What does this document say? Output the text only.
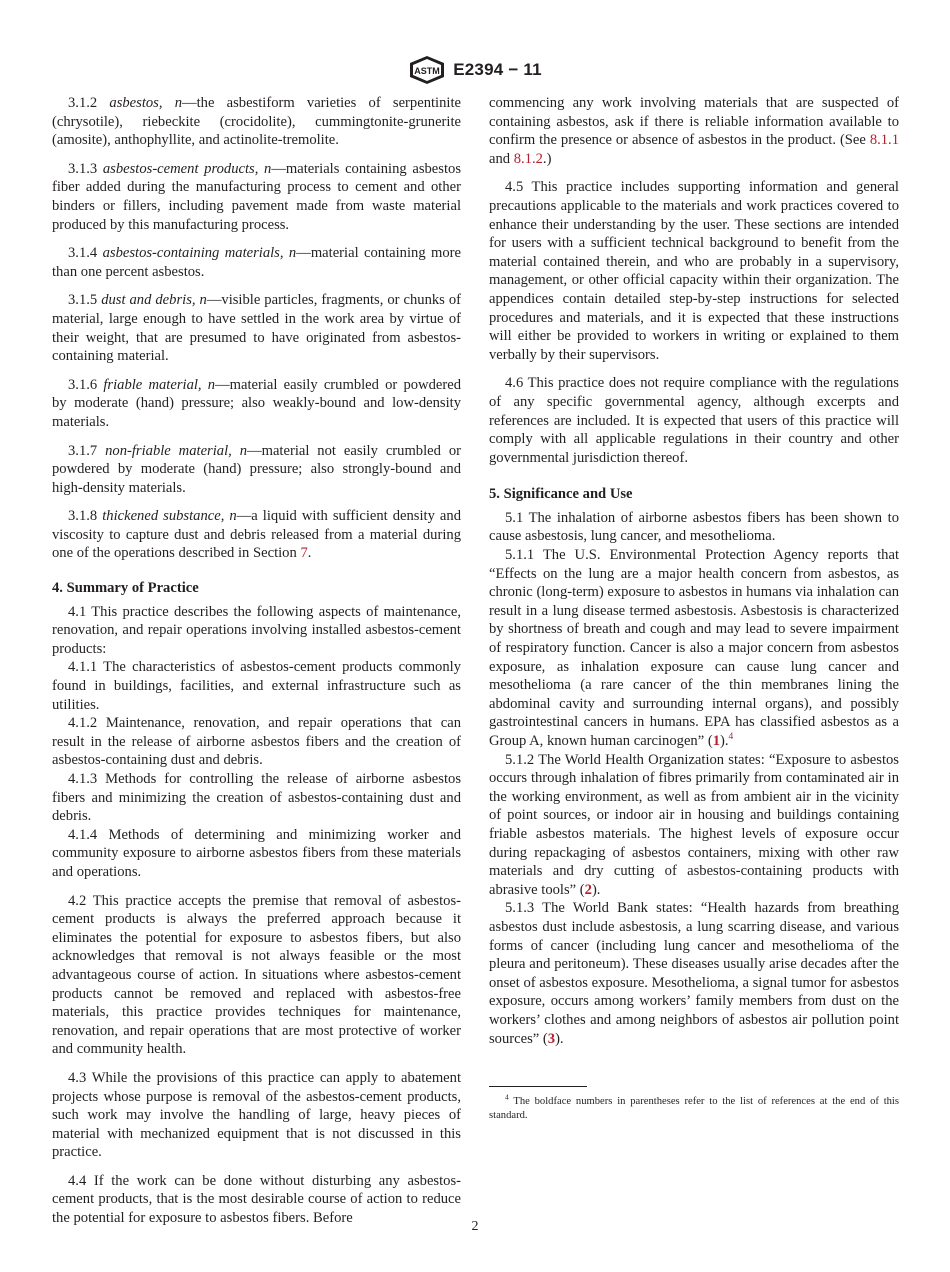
ASTM E2394 − 11

3.1.2 asbestos, n—the asbestiform varieties of serpentinite (chrysotile), riebeckite (crocidolite), cummingtonite-grunerite (amosite), anthophyllite, and actinolite-tremolite.

3.1.3 asbestos-cement products, n—materials containing asbestos fiber added during the manufacturing process to cement and other binders or fillers, including pavement made from waste material produced by this manufacturing process.

3.1.4 asbestos-containing materials, n—material containing more than one percent asbestos.

3.1.5 dust and debris, n—visible particles, fragments, or chunks of material, large enough to have settled in the work area by virtue of their weight, that are presumed to have originated from asbestos-containing material.

3.1.6 friable material, n—material easily crumbled or powdered by moderate (hand) pressure; also weakly-bound and low-density materials.

3.1.7 non-friable material, n—material not easily crumbled or powdered by moderate (hand) pressure; also strongly-bound and high-density materials.

3.1.8 thickened substance, n—a liquid with sufficient density and viscosity to capture dust and debris released from a material during one of the operations described in Section 7.

4. Summary of Practice

4.1 This practice describes the following aspects of maintenance, renovation, and repair operations involving installed asbestos-cement products:

4.1.1 The characteristics of asbestos-cement products commonly found in buildings, facilities, and external infrastructure such as utilities.

4.1.2 Maintenance, renovation, and repair operations that can result in the release of airborne asbestos fibers and the creation of asbestos-containing dust and debris.

4.1.3 Methods for controlling the release of airborne asbestos fibers and minimizing the creation of asbestos-containing dust and debris.

4.1.4 Methods of determining and minimizing worker and community exposure to airborne asbestos fibers from these materials and operations.

4.2 This practice accepts the premise that removal of asbestos-cement products is always the preferred approach because it eliminates the potential for exposure to asbestos fibers, but also acknowledges that removal is not always feasible or the most advantageous course of action. In situations where asbestos-cement products cannot be removed and replaced with asbestos-free materials, this practice provides techniques for maintenance, renovation, and repair operations that are most protective of worker and community health.

4.3 While the provisions of this practice can apply to abatement projects whose purpose is removal of the asbestos-cement products, such work may involve the handling of large, heavy pieces of material with mechanized equipment that is not discussed in this practice.

4.4 If the work can be done without disturbing any asbestos-cement products, that is the most desirable course of action to reduce the potential for exposure to asbestos fibers. Before

commencing any work involving materials that are suspected of containing asbestos, ask if there is reliable information available to confirm the presence or absence of asbestos in the product. (See 8.1.1 and 8.1.2.)

4.5 This practice includes supporting information and general precautions applicable to the materials and work practices covered to enhance their understanding by the user. These sections are intended for users with a sufficient technical background to benefit from the material contained therein, and who are probably in a supervisory, management, or other official capacity within their organization. The appendices contain detailed step-by-step instructions for selected procedures and materials, and it is expected that these instructions will either be provided to workers in writing or explained to them verbally by their supervisors.

4.6 This practice does not require compliance with the regulations of any specific governmental agency, although excerpts and references are included. It is expected that users of this practice will comply with all applicable regulations in their country and other governmental jurisdiction thereof.

5. Significance and Use

5.1 The inhalation of airborne asbestos fibers has been shown to cause asbestosis, lung cancer, and mesothelioma.

5.1.1 The U.S. Environmental Protection Agency reports that “Effects on the lung are a major health concern from asbestos, as chronic (long-term) exposure to asbestos in humans via inhalation can result in a lung disease termed asbestosis. Asbestosis is characterized by shortness of breath and cough and may lead to severe impairment of respiratory function. Cancer is also a major concern from asbestos exposure, as inhalation exposure can cause lung cancer and mesothelioma (a rare cancer of the thin membranes lining the abdominal cavity and surrounding internal organs), and possibly gastrointestinal cancers in humans. EPA has classified asbestos as a Group A, known human carcinogen” (1).$^4$

5.1.2 The World Health Organization states: “Exposure to asbestos occurs through inhalation of fibres primarily from contaminated air in the working environment, as well as from ambient air in the vicinity of point sources, or indoor air in housing and buildings containing friable asbestos materials. The highest levels of exposure occur during repackaging of asbestos containers, mixing with other raw materials and dry cutting of asbestos-containing products with abrasive tools” (2).

5.1.3 The World Bank states: “Health hazards from breathing asbestos dust include asbestosis, a lung scarring disease, and various forms of cancer (including lung cancer and mesothelioma of the pleura and peritoneum). These diseases usually arise decades after the onset of asbestos exposure. Mesothelioma, a signal tumor for asbestos exposure, occurs among workers’ family members from dust on the workers’ clothes and among neighbors of asbestos air pollution point sources” (3).

$^4$ The boldface numbers in parentheses refer to the list of references at the end of this standard.

2
